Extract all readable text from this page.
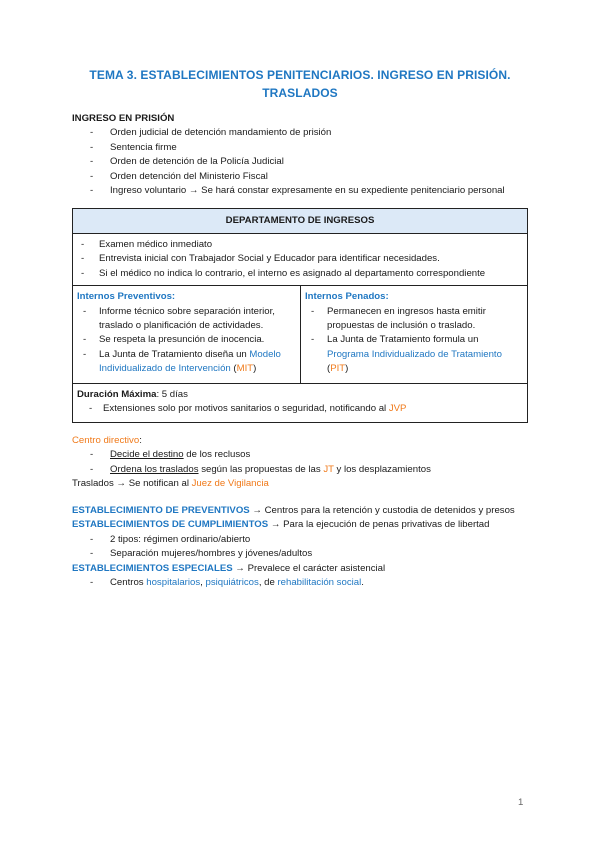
TEMA 3. ESTABLECIMIENTOS PENITENCIARIOS. INGRESO EN PRISIÓN. TRASLADOS
INGRESO EN PRISIÓN
- Orden judicial de detención mandamiento de prisión
- Sentencia firme
- Orden de detención de la Policía Judicial
- Orden detención del Ministerio Fiscal
- Ingreso voluntario → Se hará constar expresamente en su expediente penitenciario personal
DEPARTAMENTO DE INGRESOS
- Examen médico inmediato
- Entrevista inicial con Trabajador Social y Educador para identificar necesidades.
- Si el médico no indica lo contrario, el interno es asignado al departamento correspondiente
Internos Preventivos:
- Informe técnico sobre separación interior, traslado o planificación de actividades.
- Se respeta la presunción de inocencia.
- La Junta de Tratamiento diseña un Modelo Individualizado de Intervención (MIT)
Internos Penados:
- Permanecen en ingresos hasta emitir propuestas de inclusión o traslado.
- La Junta de Tratamiento formula un Programa Individualizado de Tratamiento (PIT)
Duración Máxima: 5 días
- Extensiones solo por motivos sanitarios o seguridad, notificando al JVP
Centro directivo:
- Decide el destino de los reclusos
- Ordena los traslados según las propuestas de las JT y los desplazamientos
Traslados → Se notifican al Juez de Vigilancia
ESTABLECIMIENTO DE PREVENTIVOS → Centros para la retención y custodia de detenidos y presos
ESTABLECIMIENTOS DE CUMPLIMIENTOS → Para la ejecución de penas privativas de libertad
- 2 tipos: régimen ordinario/abierto
- Separación mujeres/hombres y jóvenes/adultos
ESTABLECIMIENTOS ESPECIALES → Prevalece el carácter asistencial
- Centros hospitalarios, psiquiátricos, de rehabilitación social.
1
